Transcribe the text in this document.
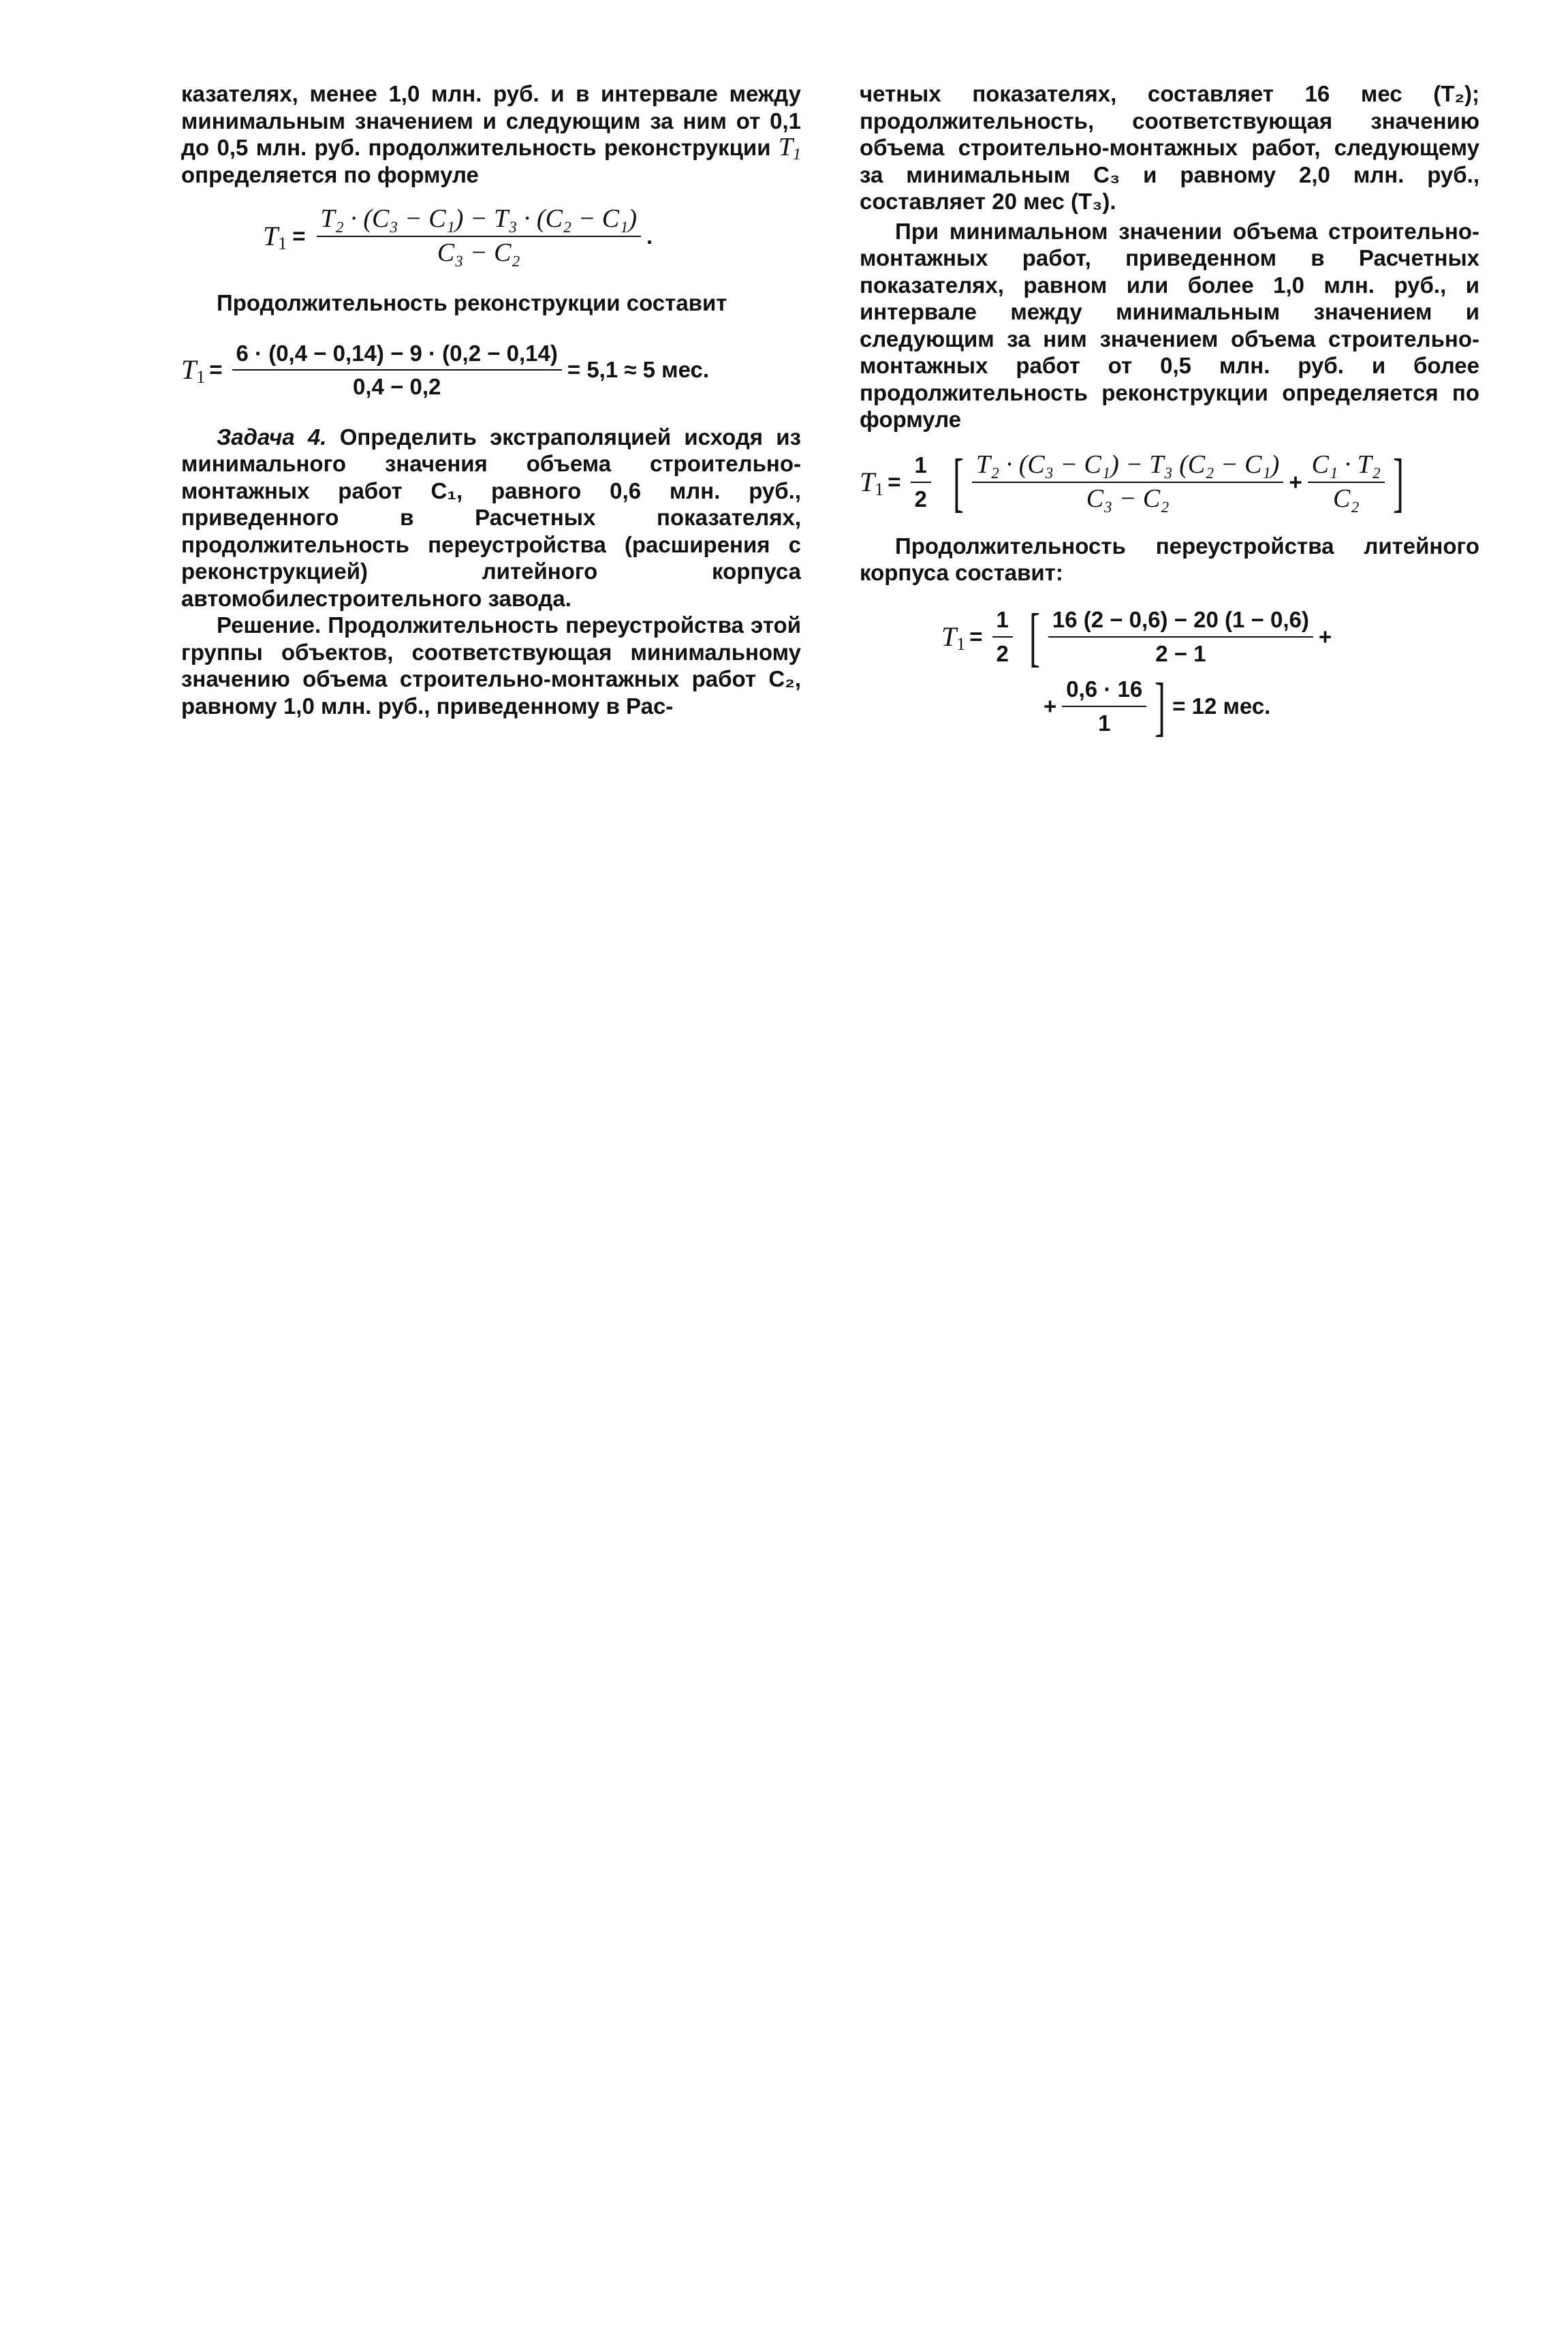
казателях, менее 1,0 млн. руб. и в интервале между минимальным значением и следующим за ним от 0,1 до 0,5 млн. руб. продолжительность реконструкции $T_1$ определяется по формуле

$T_1 = \frac{\text{T₂ · (C₃ − C₁) − T₃ · (C₂ − C₁)}}{\text{C₃ − C₂}}$ .

Продолжительность реконструкции составит

$T_1 = \frac{6 \cdot (0,4 - 0,14) - 9 \cdot (0,2 - 0,14)}{0,4 - 0,2} = 5,1 \approx 5$ мес.

Задача 4. Определить экстраполяцией исходя из минимального значения объема строительно-монтажных работ C₁, равного 0,6 млн. руб., приведенного в Расчетных показателях, продолжительность переустройства (расширения с реконструкцией) литейного корпуса автомобилестроительного завода.

Решение. Продолжительность переустройства этой группы объектов, соответствующая минимальному значению объема строительно-монтажных работ C₂, равному 1,0 млн. руб., приведенному в Рас-

четных показателях, составляет 16 мес (T₂); продолжительность, соответствующая значению объема строительно-монтажных работ, следующему за минимальным C₃ и равному 2,0 млн. руб., составляет 20 мес (T₃).

При минимальном значении объема строительно-монтажных работ, приведенном в Расчетных показателях, равном или более 1,0 млн. руб., и интервале между минимальным значением и следующим за ним значением объема строительно-монтажных работ от 0,5 млн. руб. и более продолжительность реконструкции определяется по формуле

$T_1 = \frac{1}{2}$ [ $\frac{\text{T₂ · (C₃ − C₁) − T₃ (C₂ − C₁)}}{\text{C₃ − C₂}} + \frac{\text{C₁ · T₂}}{\text{C₂}}$ ]

Продолжительность переустройства литейного корпуса составит:

$T_1 = \frac{1}{2}$ [ $\frac{16 (2 - 0,6) - 20 (1 - 0,6)}{2 - 1}$ +
+ $\frac{0,6 \cdot 16}{1}$ ] = 12 мес.
